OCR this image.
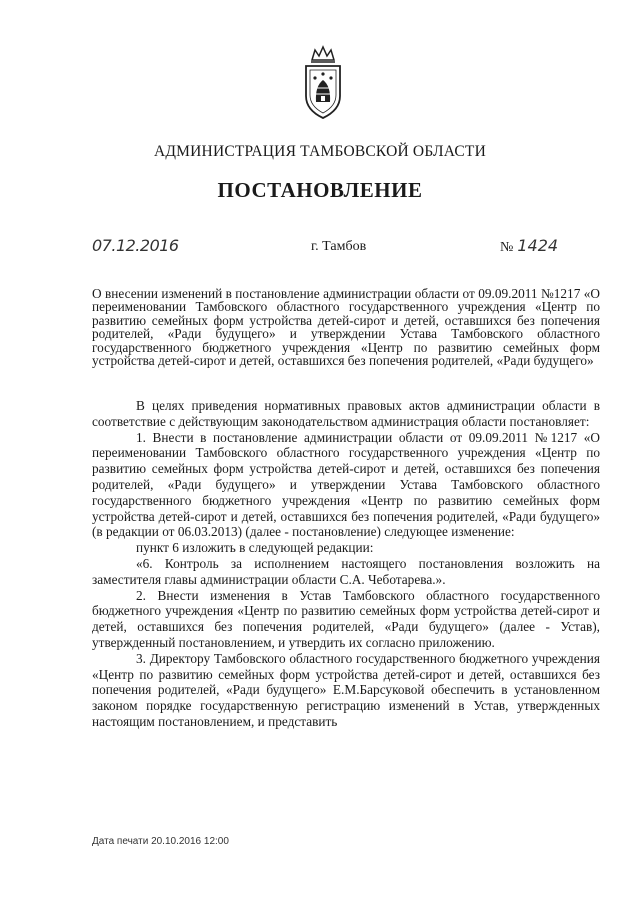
АДМИНИСТРАЦИЯ ТАМБОВСКОЙ ОБЛАСТИ
ПОСТАНОВЛЕНИЕ
07.12.2016	г. Тамбов	№ 1424
О внесении изменений в постановление администрации области от 09.09.2011 №1217 «О переименовании Тамбовского областного государственного учреждения «Центр по развитию семейных форм устройства детей-сирот и детей, оставшихся без попечения родителей, «Ради будущего» и утверждении Устава Тамбовского областного государственного бюджетного учреждения «Центр по развитию семейных форм устройства детей-сирот и детей, оставшихся без попечения родителей, «Ради будущего»

В целях приведения нормативных правовых актов администрации области в соответствие с действующим законодательством администрация области постановляет:

1. Внести в постановление администрации области от 09.09.2011 №1217 «О переименовании Тамбовского областного государственного учреждения «Центр по развитию семейных форм устройства детей-сирот и детей, оставшихся без попечения родителей, «Ради будущего» и утверждении Устава Тамбовского областного государственного бюджетного учреждения «Центр по развитию семейных форм устройства детей-сирот и детей, оставшихся без попечения родителей, «Ради будущего» (в редакции от 06.03.2013) (далее - постановление) следующее изменение:

пункт 6 изложить в следующей редакции:

«6. Контроль за исполнением настоящего постановления возложить на заместителя главы администрации области С.А. Чеботарева.».

2. Внести изменения в Устав Тамбовского областного государственного бюджетного учреждения «Центр по развитию семейных форм устройства детей-сирот и детей, оставшихся без попечения родителей, «Ради будущего» (далее - Устав), утвержденный постановлением, и утвердить их согласно приложению.

3. Директору Тамбовского областного государственного бюджетного учреждения «Центр по развитию семейных форм устройства детей-сирот и детей, оставшихся без попечения родителей, «Ради будущего» Е.М.Барсуковой обеспечить в установленном законом порядке государственную регистрацию изменений в Устав, утвержденных настоящим постановлением, и представить

Дата печати 20.10.2016 12:00
